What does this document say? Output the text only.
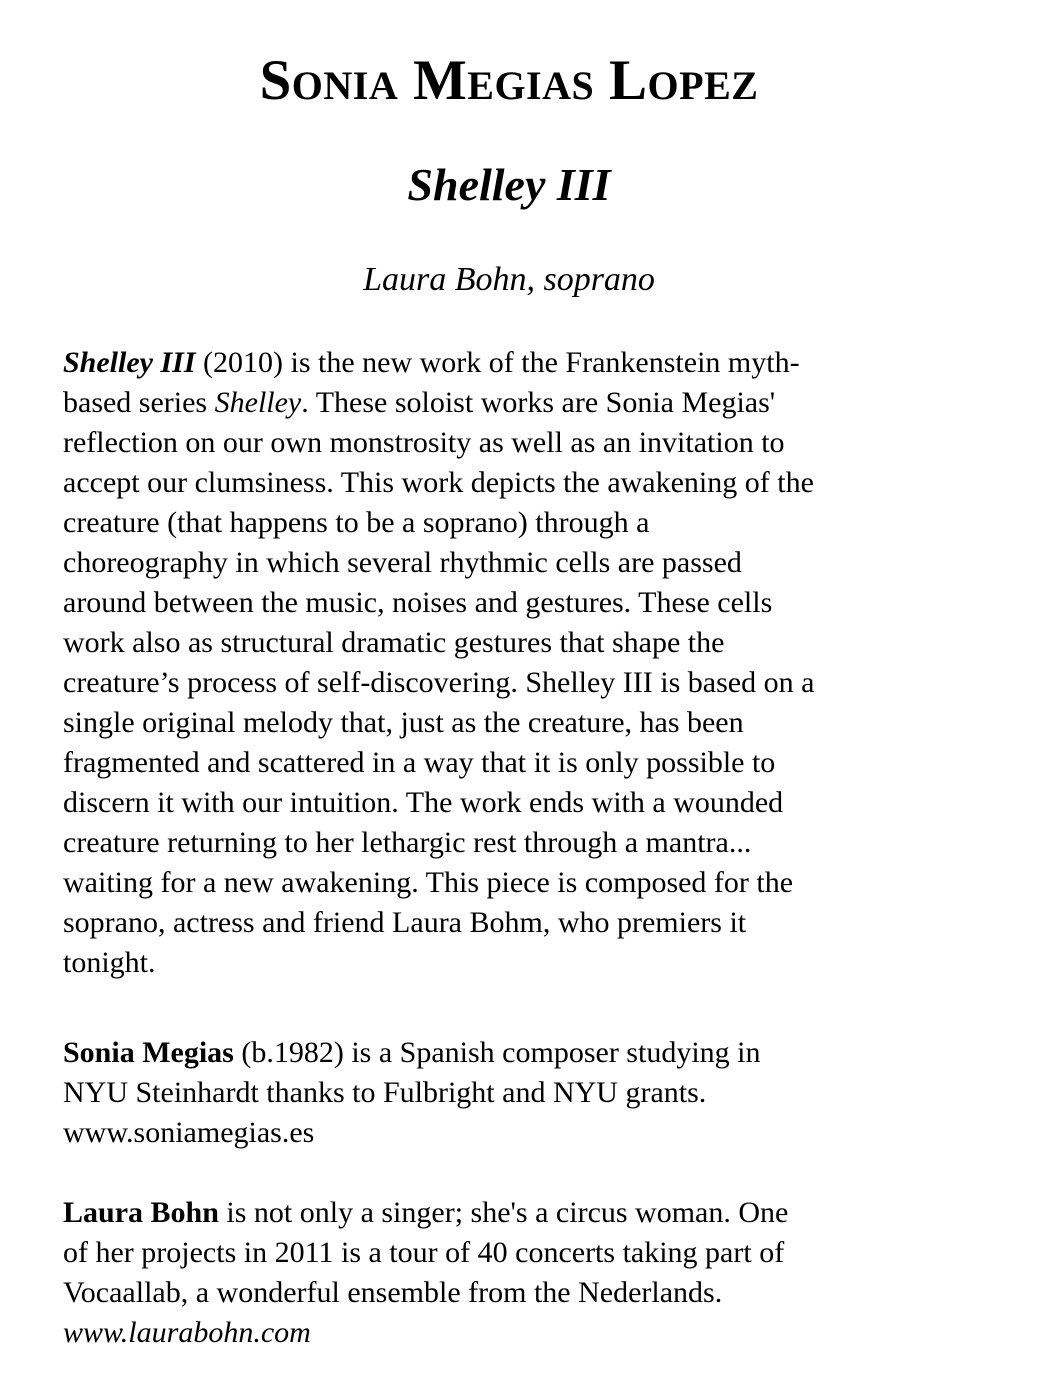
Sonia Megias Lopez
Shelley III
Laura Bohn, soprano
Shelley III (2010) is the new work of the Frankenstein myth-
based series Shelley. These soloist works are Sonia Megias'
reflection on our own monstrosity as well as an invitation to
accept our clumsiness. This work depicts the awakening of the
creature (that happens to be a soprano) through a
choreography in which several rhythmic cells are passed
around between the music, noises and gestures. These cells
work also as structural dramatic gestures that shape the
creature’s process of self-discovering. Shelley III is based on a
single original melody that, just as the creature, has been
fragmented and scattered in a way that it is only possible to
discern it with our intuition. The work ends with a wounded
creature returning to her lethargic rest through a mantra...
waiting for a new awakening. This piece is composed for the
soprano, actress and friend Laura Bohm, who premiers it
tonight.
Sonia Megias (b.1982) is a Spanish composer studying in
NYU Steinhardt thanks to Fulbright and NYU grants.
www.soniamegias.es
Laura Bohn is not only a singer; she's a circus woman. One
of her projects in 2011 is a tour of 40 concerts taking part of
Vocaallab, a wonderful ensemble from the Nederlands.
www.laurabohn.com
